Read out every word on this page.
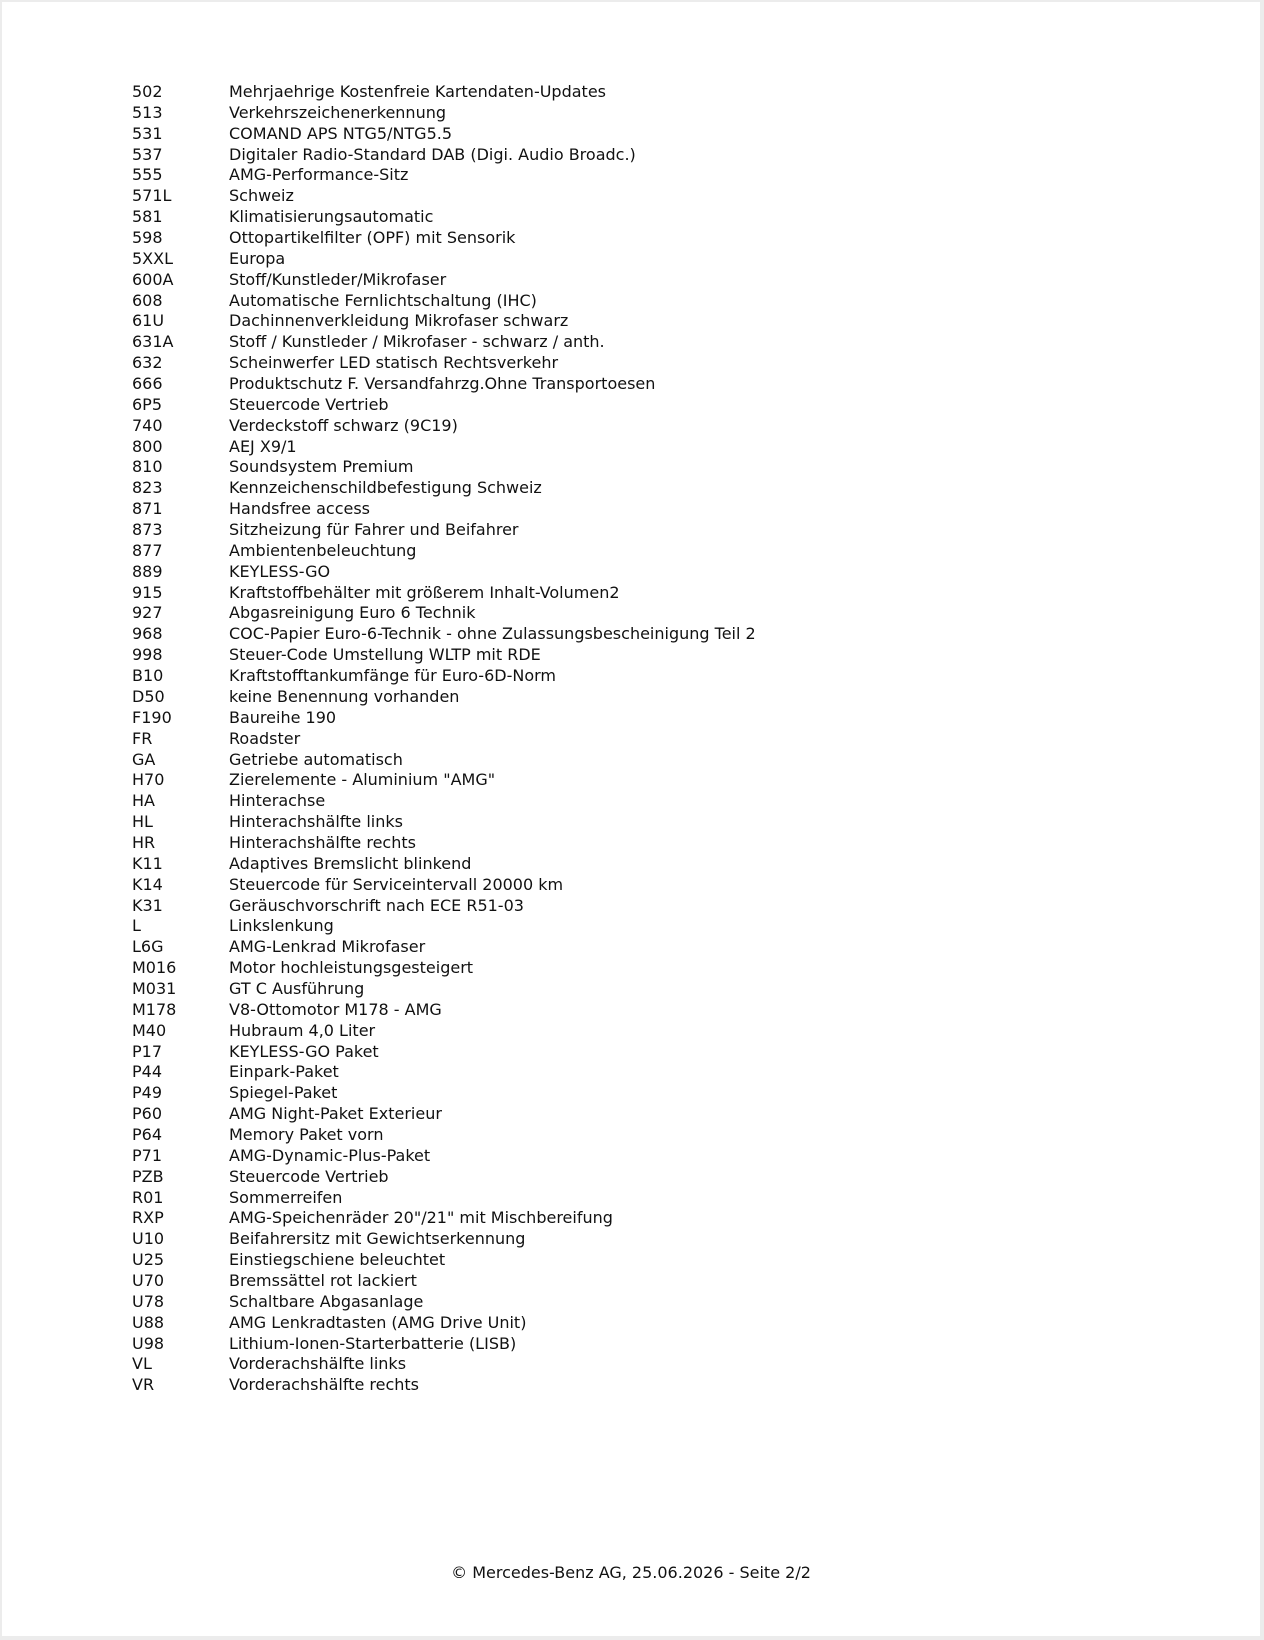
502	Mehrjaehrige Kostenfreie Kartendaten-Updates
513	Verkehrszeichenerkennung
531	COMAND APS NTG5/NTG5.5
537	Digitaler Radio-Standard DAB (Digi. Audio Broadc.)
555	AMG-Performance-Sitz
571L	Schweiz
581	Klimatisierungsautomatic
598	Ottopartikelfilter (OPF) mit Sensorik
5XXL	Europa
600A	Stoff/Kunstleder/Mikrofaser
608	Automatische Fernlichtschaltung (IHC)
61U	Dachinnenverkleidung Mikrofaser schwarz
631A	Stoff / Kunstleder / Mikrofaser - schwarz / anth.
632	Scheinwerfer LED statisch Rechtsverkehr
666	Produktschutz F. Versandfahrzg.Ohne Transportoesen
6P5	Steuercode Vertrieb
740	Verdeckstoff schwarz (9C19)
800	AEJ X9/1
810	Soundsystem Premium
823	Kennzeichenschildbefestigung Schweiz
871	Handsfree access
873	Sitzheizung für Fahrer und Beifahrer
877	Ambientenbeleuchtung
889	KEYLESS-GO
915	Kraftstoffbehälter mit größerem Inhalt-Volumen2
927	Abgasreinigung Euro 6 Technik
968	COC-Papier Euro-6-Technik - ohne Zulassungsbescheinigung Teil 2
998	Steuer-Code Umstellung WLTP mit RDE
B10	Kraftstofftankumfänge für Euro-6D-Norm
D50	keine Benennung vorhanden
F190	Baureihe 190
FR	Roadster
GA	Getriebe automatisch
H70	Zierelemente - Aluminium "AMG"
HA	Hinterachse
HL	Hinterachshälfte links
HR	Hinterachshälfte rechts
K11	Adaptives Bremslicht blinkend
K14	Steuercode für Serviceintervall 20000 km
K31	Geräuschvorschrift nach ECE R51-03
L	Linkslenkung
L6G	AMG-Lenkrad Mikrofaser
M016	Motor hochleistungsgesteigert
M031	GT C Ausführung
M178	V8-Ottomotor M178 - AMG
M40	Hubraum 4,0 Liter
P17	KEYLESS-GO Paket
P44	Einpark-Paket
P49	Spiegel-Paket
P60	AMG Night-Paket Exterieur
P64	Memory Paket vorn
P71	AMG-Dynamic-Plus-Paket
PZB	Steuercode Vertrieb
R01	Sommerreifen
RXP	AMG-Speichenräder 20"/21" mit Mischbereifung
U10	Beifahrersitz mit Gewichtserkennung
U25	Einstiegschiene beleuchtet
U70	Bremssättel rot lackiert
U78	Schaltbare Abgasanlage
U88	AMG Lenkradtasten (AMG Drive Unit)
U98	Lithium-Ionen-Starterbatterie (LISB)
VL	Vorderachshälfte links
VR	Vorderachshälfte rechts
© Mercedes-Benz AG, 25.06.2026 - Seite 2/2
